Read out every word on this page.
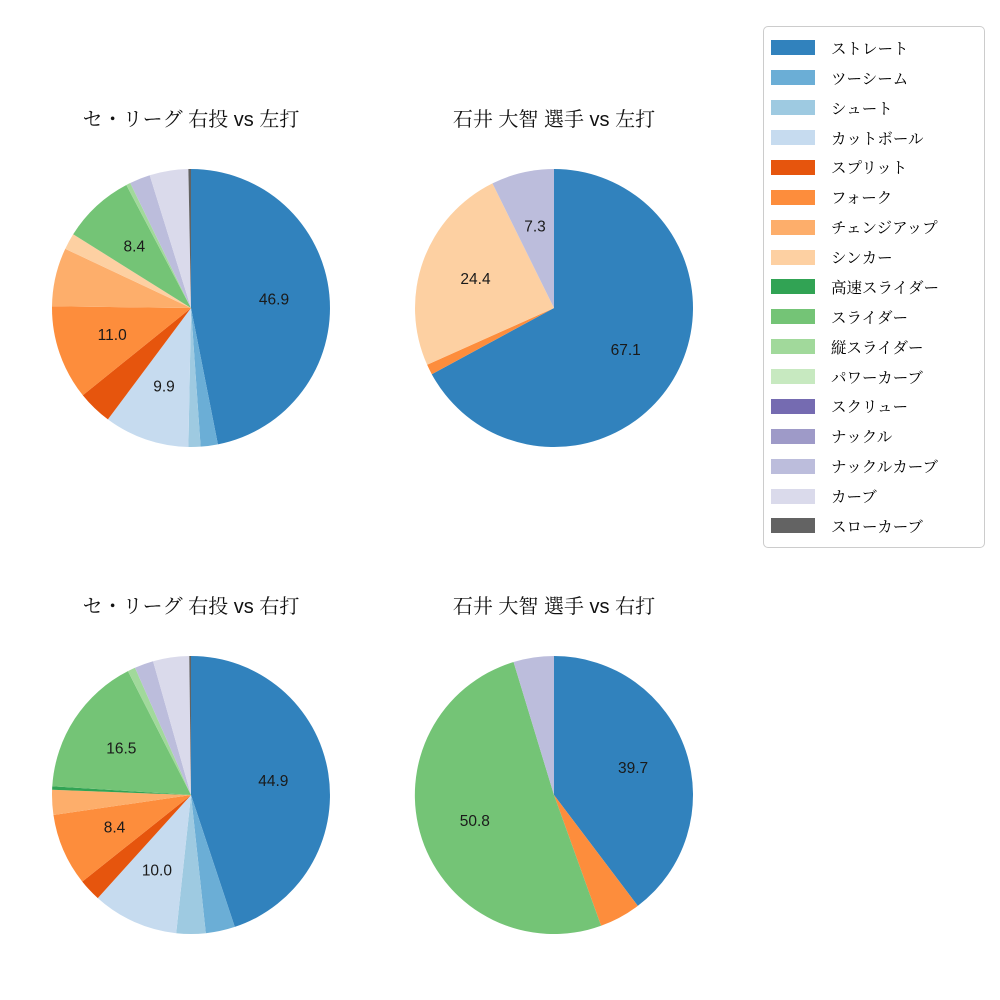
セ・リーグ 右投 vs 左打	石井 大智 選手 vs 左打
セ・リーグ 右投 vs 右打	石井 大智 選手 vs 右打
46.9
9.9
11.0
8.4
67.1
24.4
7.3
44.9
10.0
8.4
16.5
39.7
50.8
ストレート
ツーシーム
シュート
カットボール
スプリット
フォーク
チェンジアップ
シンカー
高速スライダー
スライダー
縦スライダー
パワーカーブ
スクリュー
ナックル
ナックルカーブ
カーブ
スローカーブ
